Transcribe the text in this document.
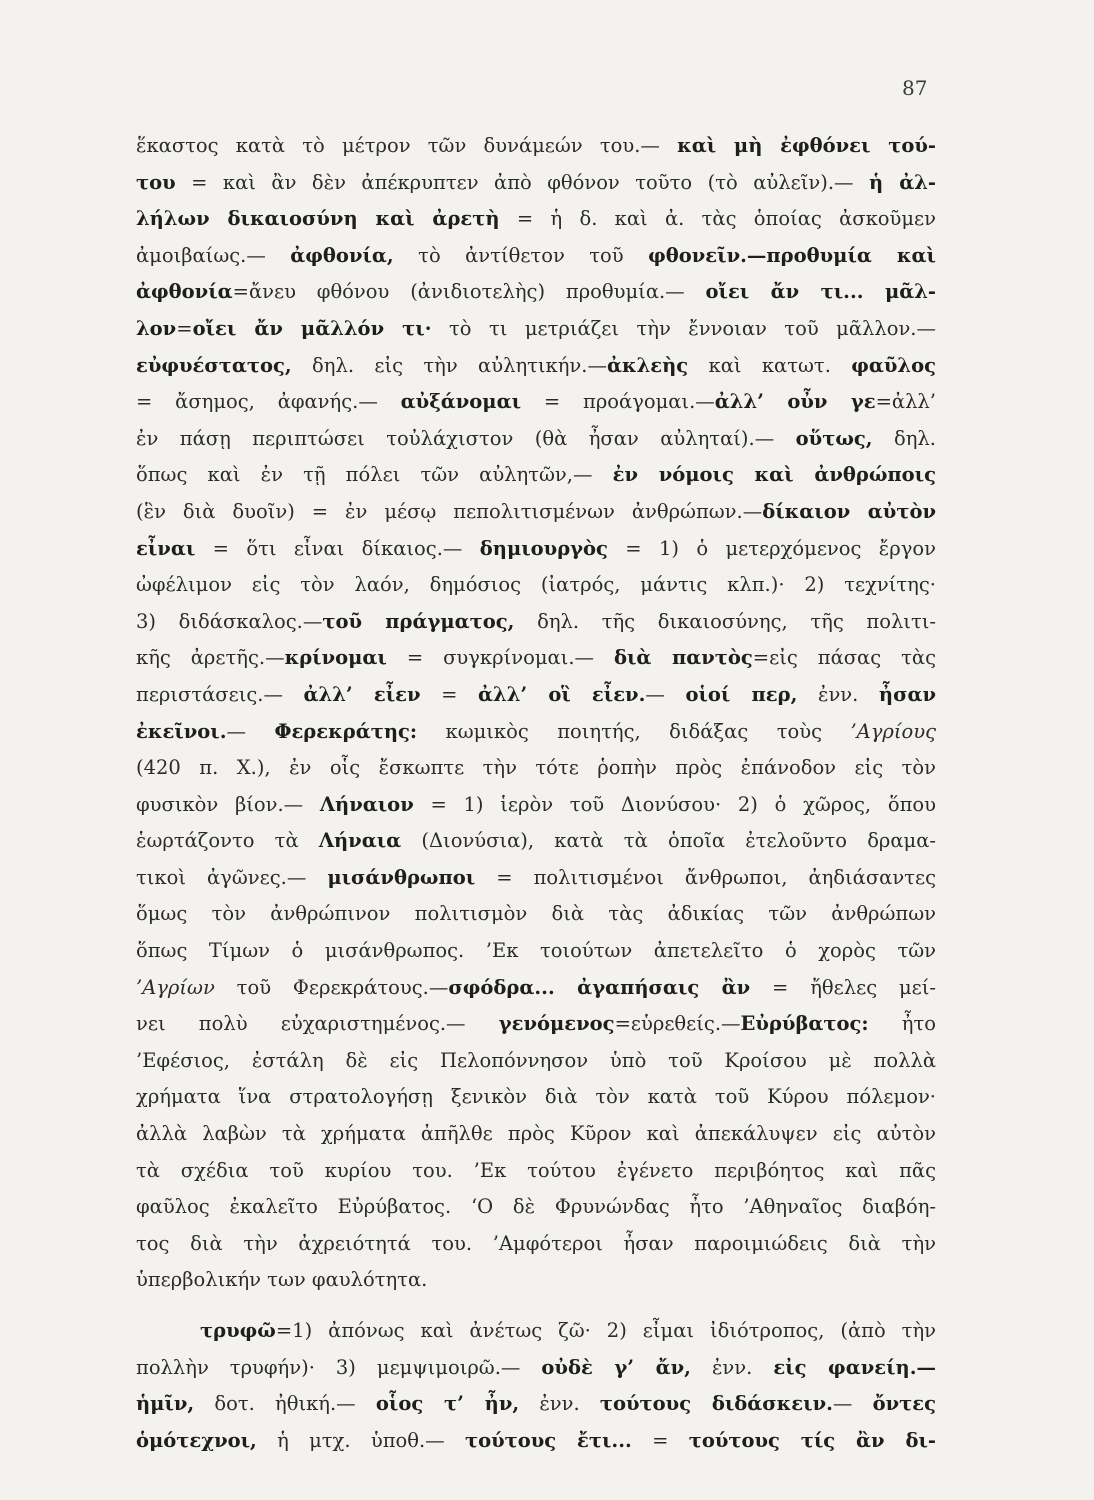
87
ἕκαστος κατὰ τὸ μέτρον τῶν δυνάμεών του.— καὶ μὴ ἐφθόνει τού-
του = καὶ ἂν δὲν ἀπέκρυπτεν ἀπὸ φθόνον τοῦτο (τὸ αὐλεῖν).— ἡ ἀλ-
λήλων δικαιοσύνη καὶ ἀρετὴ = ἡ δ. καὶ ἀ. τὰς ὁποίας ἀσκοῦμεν
ἀμοιβαίως.— ἀφθονία, τὸ ἀντίθετον τοῦ φθονεῖν.—προθυμία καὶ
ἀφθονία=ἄνευ φθόνου (ἀνιδιοτελὴς) προθυμία.— οἴει ἄν τι... μᾶλ-
λον=οἴει ἄν μᾶλλόν τι· τὸ τι μετριάζει τὴν ἔννοιαν τοῦ μᾶλλον.—
εὐφυέστατος, δηλ. εἰς τὴν αὐλητικήν.—ἀκλεὴς καὶ κατωτ. φαῦλος
= ἄσημος, ἀφανής.— αὐξάνομαι = προάγομαι.—ἀλλ’ οὖν γε=ἀλλ’
ἐν πάσῃ περιπτώσει τοὐλάχιστον (θὰ ἦσαν αὐληταί).— οὕτως, δηλ.
ὅπως καὶ ἐν τῇ πόλει τῶν αὐλητῶν,— ἐν νόμοις καὶ ἀνθρώποις
(ἓν διὰ δυοῖν) = ἐν μέσῳ πεπολιτισμένων ἀνθρώπων.—δίκαιον αὐτὸν
εἶναι = ὅτι εἶναι δίκαιος.— δημιουργὸς = 1) ὁ μετερχόμενος ἔργον
ὠφέλιμον εἰς τὸν λαόν, δημόσιος (ἰατρός, μάντις κλπ.)· 2) τεχνίτης·
3) διδάσκαλος.—τοῦ πράγματος, δηλ. τῆς δικαιοσύνης, τῆς πολιτι-
κῆς ἀρετῆς.—κρίνομαι = συγκρίνομαι.— διὰ παντὸς=εἰς πάσας τὰς
περιστάσεις.— ἀλλ’ εἶεν = ἀλλ’ οἳ εἶεν.— οἱοί περ, ἐνν. ἦσαν
ἐκεῖνοι.— Φερεκράτης: κωμικὸς ποιητής, διδάξας τοὺς ’Αγρίους
(420 π. Χ.), ἐν οἷς ἔσκωπτε τὴν τότε ῥοπὴν πρὸς ἐπάνοδον εἰς τὸν
φυσικὸν βίον.— Λήναιον = 1) ἱερὸν τοῦ Διονύσου· 2) ὁ χῶρος, ὅπου
ἑωρτάζοντο τὰ Λήναια (Διονύσια), κατὰ τὰ ὁποῖα ἐτελοῦντο δραμα-
τικοὶ ἀγῶνες.— μισάνθρωποι = πολιτισμένοι ἄνθρωποι, ἀηδιάσαντες
ὅμως τὸν ἀνθρώπινον πολιτισμὸν διὰ τὰς ἀδικίας τῶν ἀνθρώπων
ὅπως Τίμων ὁ μισάνθρωπος. ’Εκ τοιούτων ἀπετελεῖτο ὁ χορὸς τῶν
’Αγρίων τοῦ Φερεκράτους.—σφόδρα... ἀγαπήσαις ἂν = ἤθελες μεί-
νει πολὺ εὐχαριστημένος.— γενόμενος=εὑρεθείς.—Εὐρύβατος: ἦτο
’Εφέσιος, ἐστάλη δὲ εἰς Πελοπόννησον ὑπὸ τοῦ Κροίσου μὲ πολλὰ
χρήματα ἵνα στρατολογήσῃ ξενικὸν διὰ τὸν κατὰ τοῦ Κύρου πόλεμον·
ἀλλὰ λαβὼν τὰ χρήματα ἀπῆλθε πρὸς Κῦρον καὶ ἀπεκάλυψεν εἰς αὐτὸν
τὰ σχέδια τοῦ κυρίου του. ’Εκ τούτου ἐγένετο περιβόητος καὶ πᾶς
φαῦλος ἐκαλεῖτο Εὐρύβατος. ‘Ο δὲ Φρυνώνδας ἦτο ’Αθηναῖος διαβόη-
τος διὰ τὴν ἀχρειότητά του. ’Αμφότεροι ἦσαν παροιμιώδεις διὰ τὴν
ὑπερβολικήν των φαυλότητα.
τρυφῶ=1) ἀπόνως καὶ ἀνέτως ζῶ· 2) εἶμαι ἰδιότροπος, (ἀπὸ τὴν
πολλὴν τρυφήν)· 3) μεμψιμοιρῶ.— οὐδὲ γ’ ἄν, ἐνν. εἰς φανείη.—
ἡμῖν, δοτ. ἠθική.— οἷος τ’ ἦν, ἐνν. τούτους διδάσκειν.— ὄντες
ὁμότεχνοι, ἡ μτχ. ὑποθ.— τούτους ἔτι... = τούτους τίς ἂν δι-
